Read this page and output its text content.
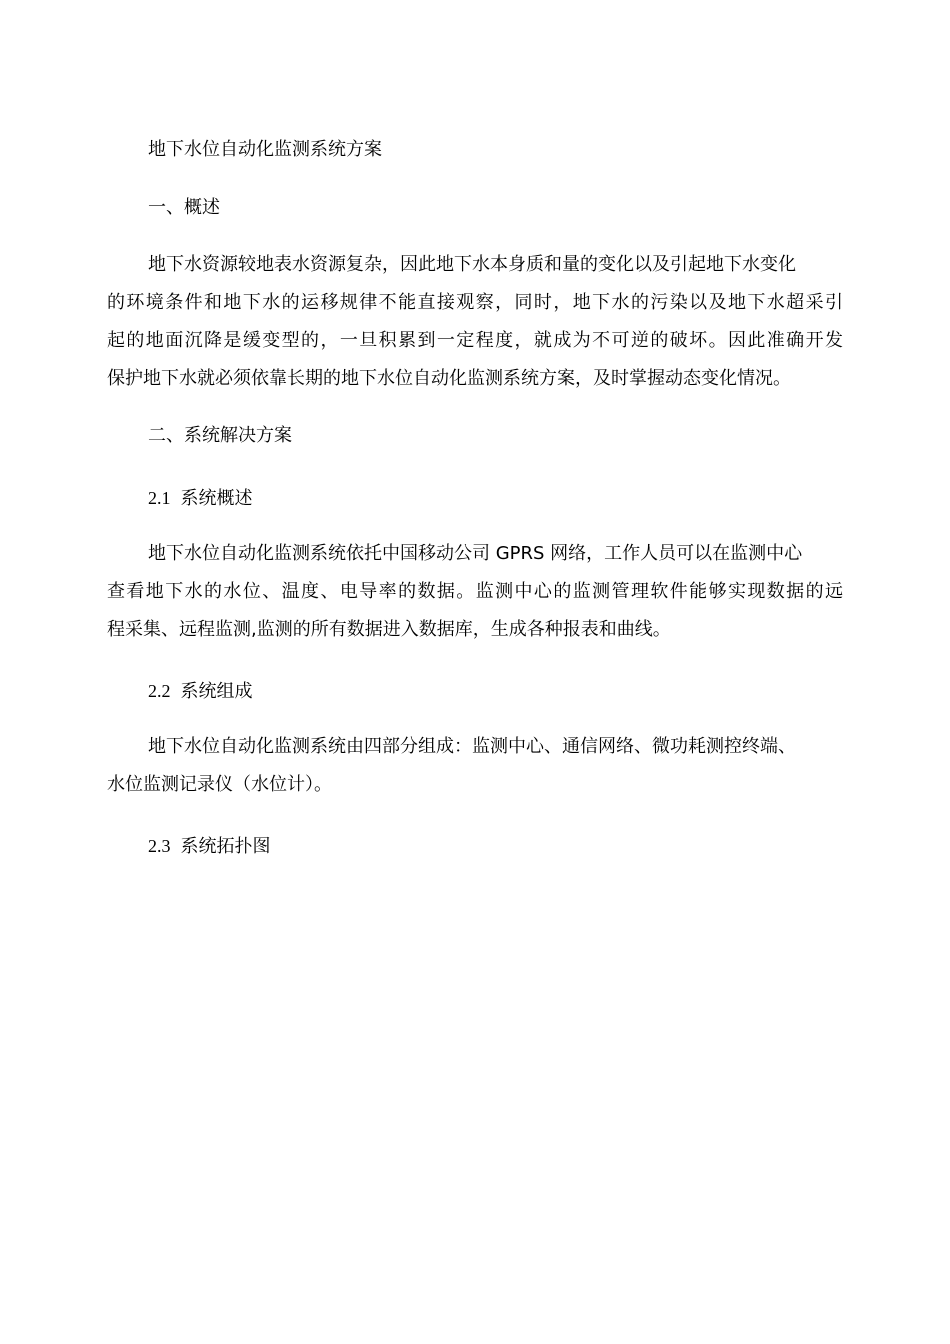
地下水位自动化监测系统方案
一、概述
地下水资源较地表水资源复杂，因此地下水本身质和量的变化以及引起地下水变化
的环境条件和地下水的运移规律不能直接观察，同时，地下水的污染以及地下水超采引
起的地面沉降是缓变型的，一旦积累到一定程度，就成为不可逆的破坏。因此准确开发
保护地下水就必须依靠长期的地下水位自动化监测系统方案，及时掌握动态变化情况。
二、系统解决方案
2.1 系统概述
地下水位自动化监测系统依托中国移动公司 GPRS 网络，工作人员可以在监测中心
查看地下水的水位、温度、电导率的数据。监测中心的监测管理软件能够实现数据的远
程采集、远程监测,监测的所有数据进入数据库，生成各种报表和曲线。
2.2 系统组成
地下水位自动化监测系统由四部分组成：监测中心、通信网络、微功耗测控终端、
水位监测记录仪（水位计）。
2.3 系统拓扑图
